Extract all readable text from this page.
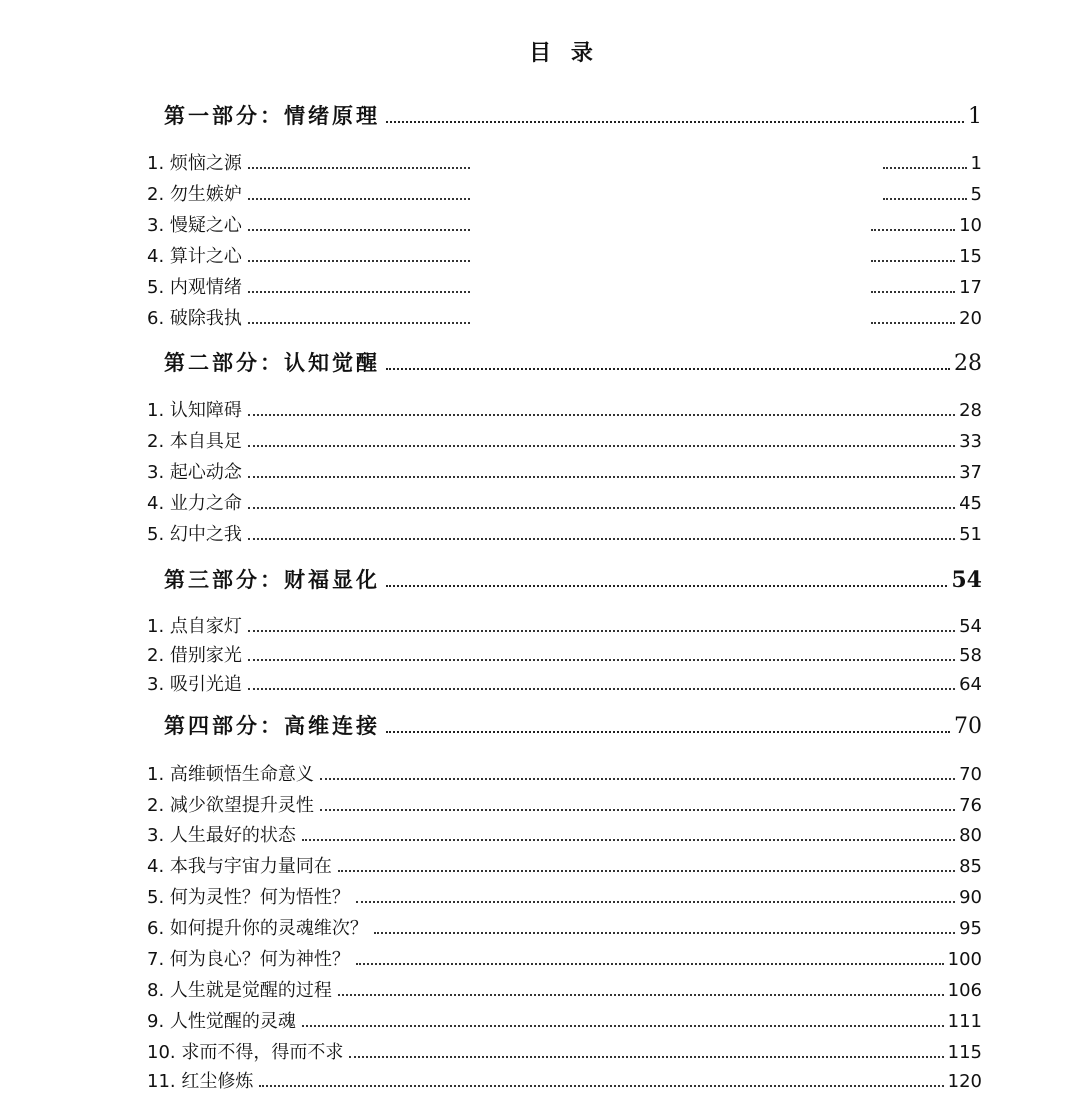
目 录
第一部分：情绪原理	1
1. 烦恼之源	1
2. 勿生嫉妒	5
3. 慢疑之心	10
4. 算计之心	15
5. 内观情绪	17
6. 破除我执	20
第二部分：认知觉醒	28
1. 认知障碍	28
2. 本自具足	33
3. 起心动念	37
4. 业力之命	45
5. 幻中之我	51
第三部分：财福显化	54
1. 点自家灯	54
2. 借别家光	58
3. 吸引光追	64
第四部分：高维连接	70
1. 高维顿悟生命意义	70
2. 减少欲望提升灵性	76
3. 人生最好的状态	80
4. 本我与宇宙力量同在	85
5. 何为灵性？何为悟性？	90
6. 如何提升你的灵魂维次？	95
7. 何为良心？何为神性？	100
8. 人生就是觉醒的过程	106
9. 人性觉醒的灵魂	111
10. 求而不得，得而不求	115
11. 红尘修炼	120
